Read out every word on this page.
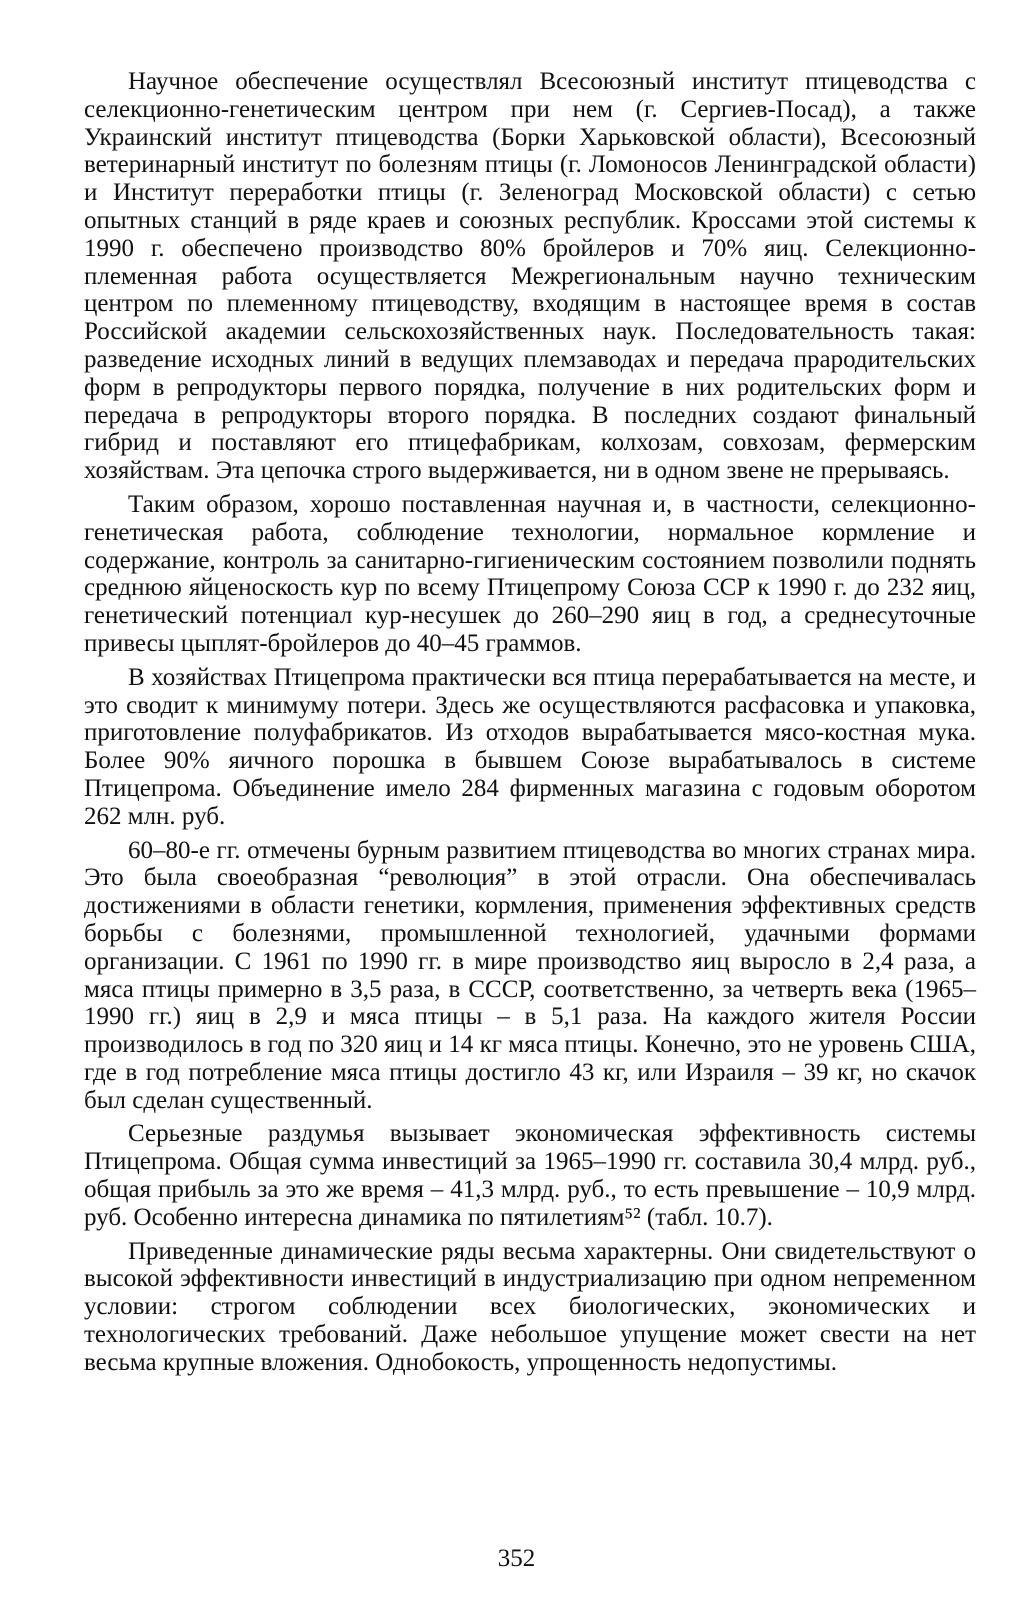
Научное обеспечение осуществлял Всесоюзный институт птицеводства с селекционно-генетическим центром при нем (г. Сергиев-Посад), а также Украинский институт птицеводства (Борки Харьковской области), Всесоюзный ветеринарный институт по болезням птицы (г. Ломоносов Ленинградской области) и Институт переработки птицы (г. Зеленоград Московской области) с сетью опытных станций в ряде краев и союзных республик. Кроссами этой системы к 1990 г. обеспечено производство 80% бройлеров и 70% яиц. Селекционно-племенная работа осуществляется Межрегиональным научно техническим центром по племенному птицеводству, входящим в настоящее время в состав Российской академии сельскохозяйственных наук. Последовательность такая: разведение исходных линий в ведущих племзаводах и передача прародительских форм в репродукторы первого порядка, получение в них родительских форм и передача в репродукторы второго порядка. В последних создают финальный гибрид и поставляют его птицефабрикам, колхозам, совхозам, фермерским хозяйствам. Эта цепочка строго выдерживается, ни в одном звене не прерываясь.

Таким образом, хорошо поставленная научная и, в частности, селекционно-генетическая работа, соблюдение технологии, нормальное кормление и содержание, контроль за санитарно-гигиеническим состоянием позволили поднять среднюю яйценоскость кур по всему Птицепрому Союза ССР к 1990 г. до 232 яиц, генетический потенциал кур-несушек до 260–290 яиц в год, а среднесуточные привесы цыплят-бройлеров до 40–45 граммов.

В хозяйствах Птицепрома практически вся птица перерабатывается на месте, и это сводит к минимуму потери. Здесь же осуществляются расфасовка и упаковка, приготовление полуфабрикатов. Из отходов вырабатывается мясо-костная мука. Более 90% яичного порошка в бывшем Союзе вырабатывалось в системе Птицепрома. Объединение имело 284 фирменных магазина с годовым оборотом 262 млн. руб.

60–80-е гг. отмечены бурным развитием птицеводства во многих странах мира. Это была своеобразная “революция” в этой отрасли. Она обеспечивалась достижениями в области генетики, кормления, применения эффективных средств борьбы с болезнями, промышленной технологией, удачными формами организации. С 1961 по 1990 гг. в мире производство яиц выросло в 2,4 раза, а мяса птицы примерно в 3,5 раза, в СССР, соответственно, за четверть века (1965–1990 гг.) яиц в 2,9 и мяса птицы – в 5,1 раза. На каждого жителя России производилось в год по 320 яиц и 14 кг мяса птицы. Конечно, это не уровень США, где в год потребление мяса птицы достигло 43 кг, или Израиля – 39 кг, но скачок был сделан существенный.

Серьезные раздумья вызывает экономическая эффективность системы Птицепрома. Общая сумма инвестиций за 1965–1990 гг. составила 30,4 млрд. руб., общая прибыль за это же время – 41,3 млрд. руб., то есть превышение – 10,9 млрд. руб. Особенно интересна динамика по пятилетиям⁵² (табл. 10.7).

Приведенные динамические ряды весьма характерны. Они свидетельствуют о высокой эффективности инвестиций в индустриализацию при одном непременном условии: строгом соблюдении всех биологических, экономических и технологических требований. Даже небольшое упущение может свести на нет весьма крупные вложения. Однобокость, упрощенность недопустимы.

352
